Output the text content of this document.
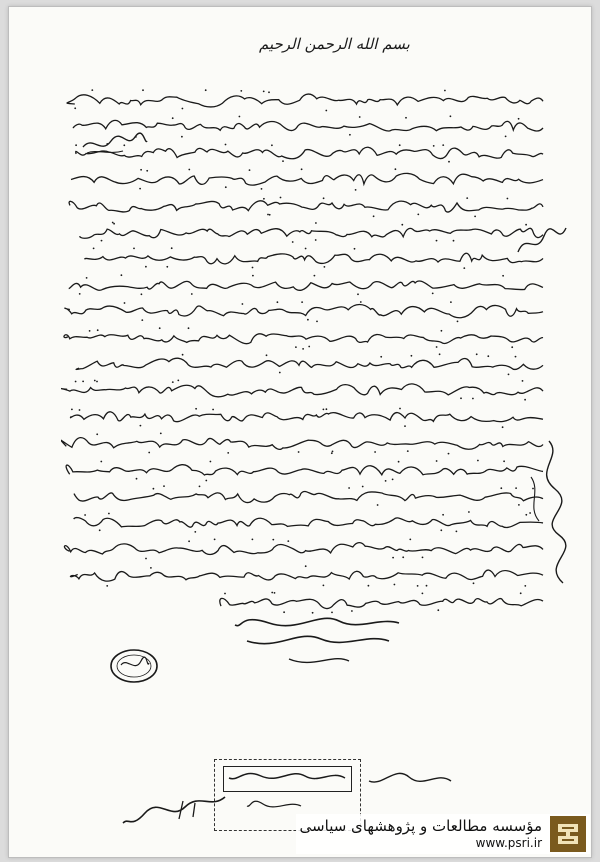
بسم الله الرحمن الرحیم
مؤسسه مطالعات و پژوهشهای سیاسی
www.psri.ir
